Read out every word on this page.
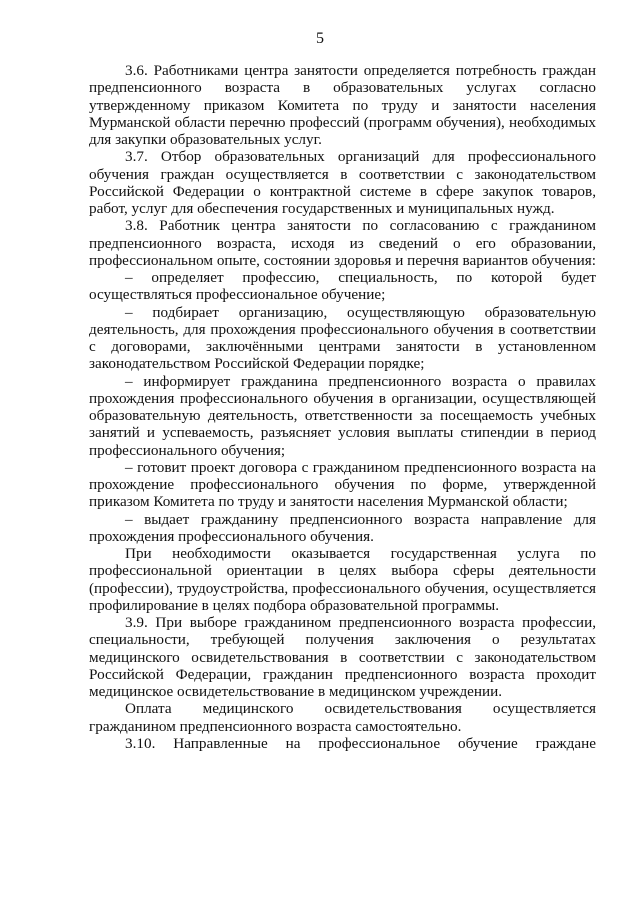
5

3.6. Работниками центра занятости определяется потребность граждан предпенсионного возраста в образовательных услугах согласно утвержденному приказом Комитета по труду и занятости населения Мурманской области перечню профессий (программ обучения), необходимых для закупки образовательных услуг.

3.7. Отбор образовательных организаций для профессионального обучения граждан осуществляется в соответствии с законодательством Российской Федерации о контрактной системе в сфере закупок товаров, работ, услуг для обеспечения государственных и муниципальных нужд.

3.8. Работник центра занятости по согласованию с гражданином предпенсионного возраста, исходя из сведений о его образовании, профессиональном опыте, состоянии здоровья и перечня вариантов обучения:

– определяет профессию, специальность, по которой будет осуществляться профессиональное обучение;

– подбирает организацию, осуществляющую образовательную деятельность, для прохождения профессионального обучения в соответствии с договорами, заключёнными центрами занятости в установленном законодательством Российской Федерации порядке;

– информирует гражданина предпенсионного возраста о правилах прохождения профессионального обучения в организации, осуществляющей образовательную деятельность, ответственности за посещаемость учебных занятий и успеваемость, разъясняет условия выплаты стипендии в период профессионального обучения;

– готовит проект договора с гражданином предпенсионного возраста на прохождение профессионального обучения по форме, утвержденной приказом Комитета по труду и занятости населения Мурманской области;

– выдает гражданину предпенсионного возраста направление для прохождения профессионального обучения.

При необходимости оказывается государственная услуга по профессиональной ориентации в целях выбора сферы деятельности (профессии), трудоустройства, профессионального обучения, осуществляется профилирование в целях подбора образовательной программы.

3.9. При выборе гражданином предпенсионного возраста профессии, специальности, требующей получения заключения о результатах медицинского освидетельствования в соответствии с законодательством Российской Федерации, гражданин предпенсионного возраста проходит медицинское освидетельствование в медицинском учреждении.

Оплата медицинского освидетельствования осуществляется гражданином предпенсионного возраста самостоятельно.

3.10. Направленные на профессиональное обучение граждане
